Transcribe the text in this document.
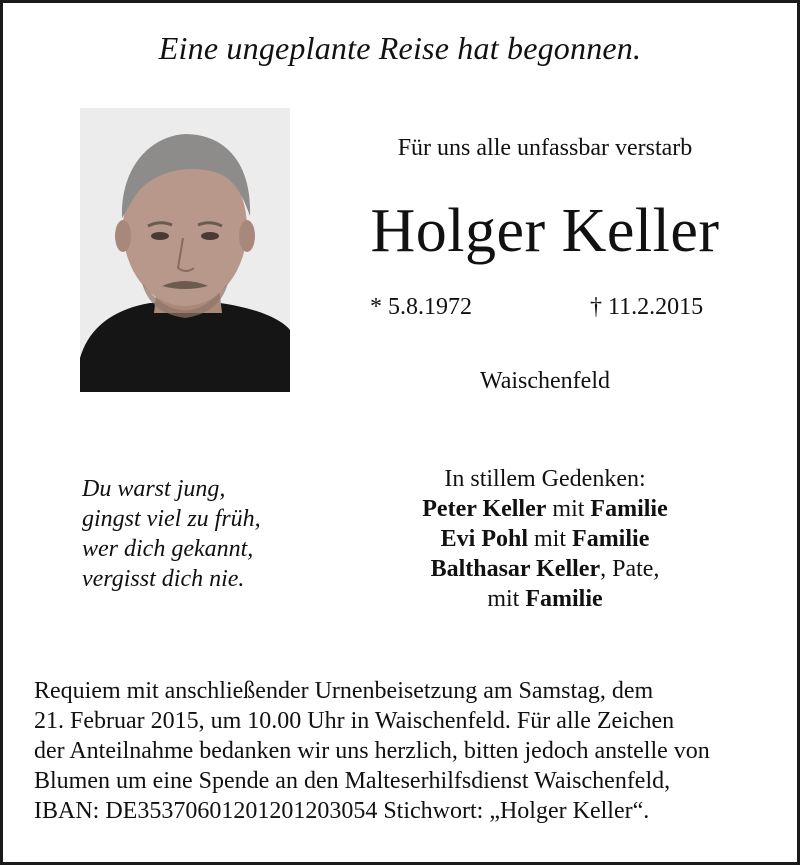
Eine ungeplante Reise hat begonnen.
Für uns alle unfassbar verstarb
Holger Keller
* 5.8.1972	† 11.2.2015
Waischenfeld
Du warst jung,
gingst viel zu früh,
wer dich gekannt,
vergisst dich nie.
In stillem Gedenken:
Peter Keller mit Familie
Evi Pohl mit Familie
Balthasar Keller, Pate,
mit Familie
Requiem mit anschließender Urnenbeisetzung am Samstag, dem
21. Februar 2015, um 10.00 Uhr in Waischenfeld. Für alle Zeichen
der Anteilnahme bedanken wir uns herzlich, bitten jedoch anstelle von
Blumen um eine Spende an den Malteserhilfsdienst Waischenfeld,
IBAN: DE35370601201201203054 Stichwort: „Holger Keller“.
